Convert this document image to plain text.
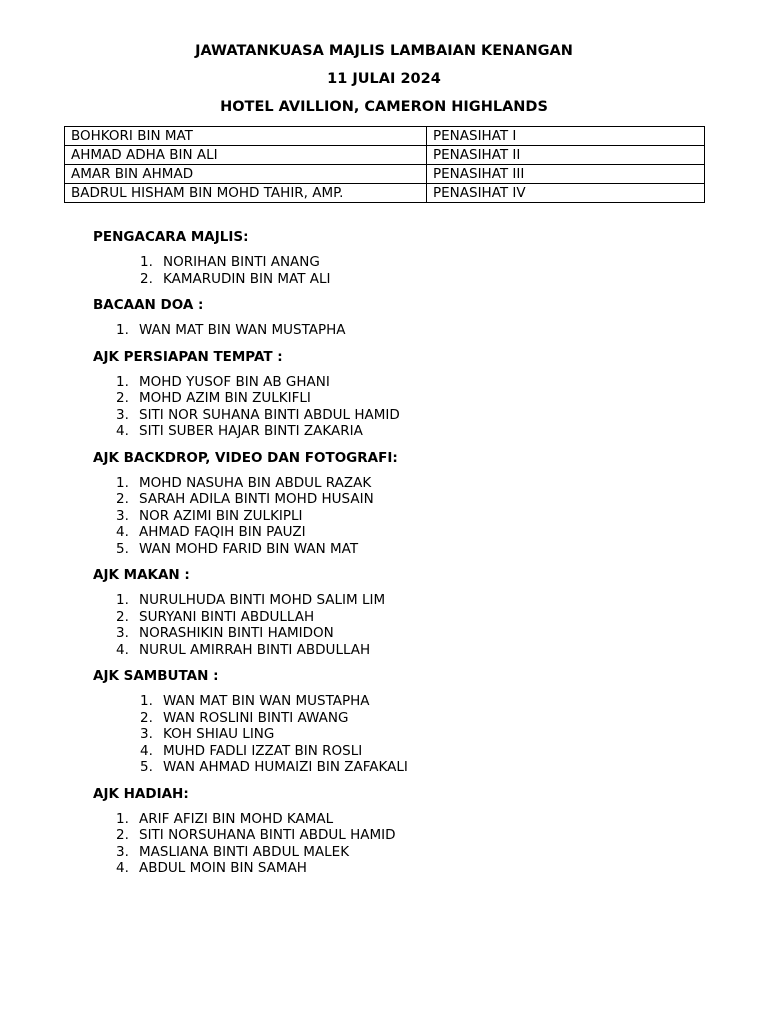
JAWATANKUASA MAJLIS LAMBAIAN KENANGAN
11 JULAI 2024
HOTEL AVILLION, CAMERON HIGHLANDS
BOHKORI BIN MAT	PENASIHAT I
AHMAD ADHA BIN ALI	PENASIHAT II
AMAR BIN AHMAD	PENASIHAT III
BADRUL HISHAM BIN MOHD TAHIR, AMP.	PENASIHAT IV
PENGACARA MAJLIS:
1. NORIHAN BINTI ANANG
2. KAMARUDIN BIN MAT ALI
BACAAN DOA :
1. WAN MAT BIN WAN MUSTAPHA
AJK PERSIAPAN TEMPAT :
1. MOHD YUSOF BIN AB GHANI
2. MOHD AZIM BIN ZULKIFLI
3. SITI NOR SUHANA BINTI ABDUL HAMID
4. SITI SUBER HAJAR BINTI ZAKARIA
AJK BACKDROP, VIDEO DAN FOTOGRAFI:
1. MOHD NASUHA BIN ABDUL RAZAK
2. SARAH ADILA BINTI MOHD HUSAIN
3. NOR AZIMI BIN ZULKIPLI
4. AHMAD FAQIH BIN PAUZI
5. WAN MOHD FARID BIN WAN MAT
AJK MAKAN :
1. NURULHUDA BINTI MOHD SALIM LIM
2. SURYANI BINTI ABDULLAH
3. NORASHIKIN BINTI HAMIDON
4. NURUL AMIRRAH BINTI ABDULLAH
AJK SAMBUTAN :
1. WAN MAT BIN WAN MUSTAPHA
2. WAN ROSLINI BINTI AWANG
3. KOH SHIAU LING
4. MUHD FADLI IZZAT BIN ROSLI
5. WAN AHMAD HUMAIZI BIN ZAFAKALI
AJK HADIAH:
1. ARIF AFIZI BIN MOHD KAMAL
2. SITI NORSUHANA BINTI ABDUL HAMID
3. MASLIANA BINTI ABDUL MALEK
4. ABDUL MOIN BIN SAMAH
